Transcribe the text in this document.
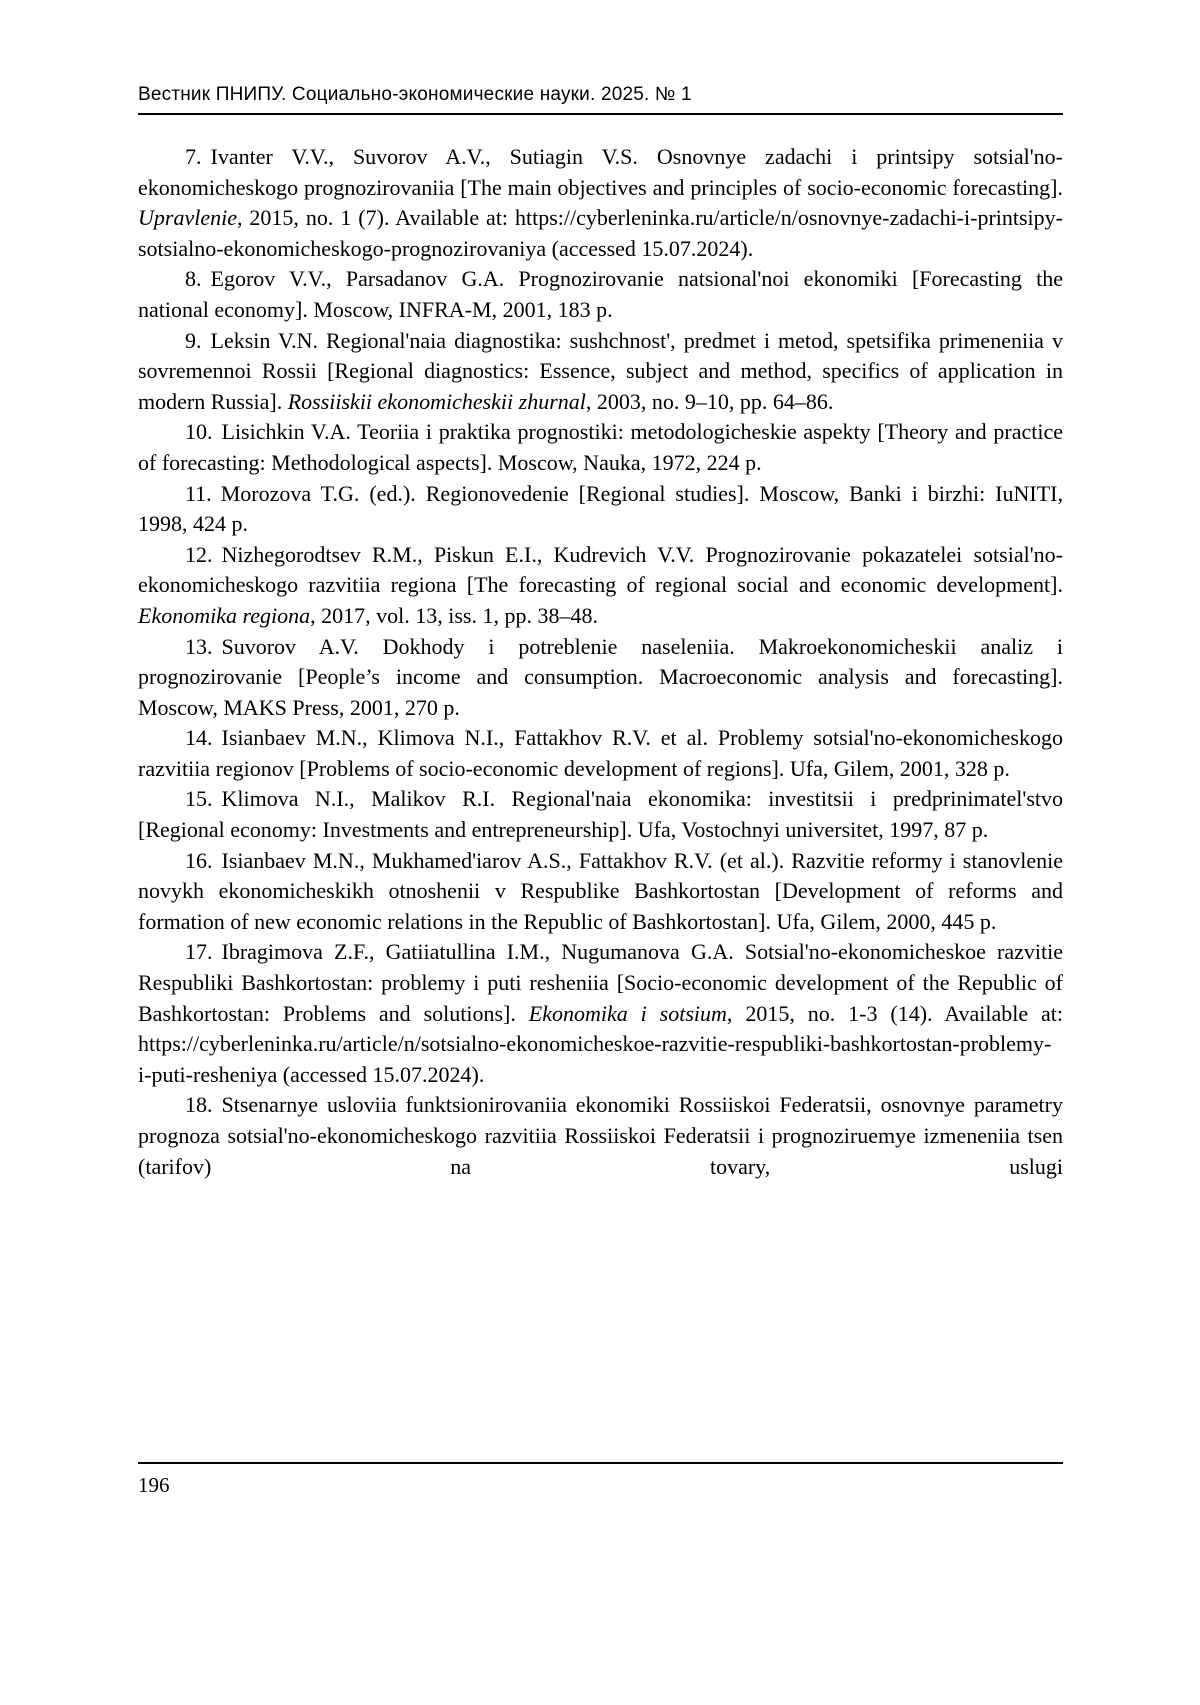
Вестник ПНИПУ. Социально-экономические науки. 2025. № 1

7. Ivanter V.V., Suvorov A.V., Sutiagin V.S. Osnovnye zadachi i printsipy sotsial'no-ekonomicheskogo prognozirovaniia [The main objectives and principles of socio-economic forecasting]. Upravlenie, 2015, no. 1 (7). Available at: https://cyberleninka.ru/article/n/osnovnye-zadachi-i-printsipy-sotsialno-ekonomicheskogo-prognozirovaniya (accessed 15.07.2024).

8. Egorov V.V., Parsadanov G.A. Prognozirovanie natsional'noi ekonomiki [Forecasting the national economy]. Moscow, INFRA-M, 2001, 183 p.

9. Leksin V.N. Regional'naia diagnostika: sushchnost', predmet i metod, spetsifika primeneniia v sovremennoi Rossii [Regional diagnostics: Essence, subject and method, specifics of application in modern Russia]. Rossiiskii ekonomicheskii zhurnal, 2003, no. 9–10, pp. 64–86.

10. Lisichkin V.A. Teoriia i praktika prognostiki: metodologicheskie aspekty [Theory and practice of forecasting: Methodological aspects]. Moscow, Nauka, 1972, 224 p.

11. Morozova T.G. (ed.). Regionovedenie [Regional studies]. Moscow, Banki i birzhi: IuNITI, 1998, 424 p.

12. Nizhegorodtsev R.M., Piskun E.I., Kudrevich V.V. Prognozirovanie pokazatelei sotsial'no-ekonomicheskogo razvitiia regiona [The forecasting of regional social and economic development]. Ekonomika regiona, 2017, vol. 13, iss. 1, pp. 38–48.

13. Suvorov A.V. Dokhody i potreblenie naseleniia. Makroekonomicheskii analiz i prognozirovanie [People’s income and consumption. Macroeconomic analysis and forecasting]. Moscow, MAKS Press, 2001, 270 p.

14. Isianbaev M.N., Klimova N.I., Fattakhov R.V. et al. Problemy sotsial'no-ekonomicheskogo razvitiia regionov [Problems of socio-economic development of regions]. Ufa, Gilem, 2001, 328 p.

15. Klimova N.I., Malikov R.I. Regional'naia ekonomika: investitsii i predprinimatel'stvo [Regional economy: Investments and entrepreneurship]. Ufa, Vostochnyi universitet, 1997, 87 p.

16. Isianbaev M.N., Mukhamed'iarov A.S., Fattakhov R.V. (et al.). Razvitie reformy i stanovlenie novykh ekonomicheskikh otnoshenii v Respublike Bashkortostan [Development of reforms and formation of new economic relations in the Republic of Bashkortostan]. Ufa, Gilem, 2000, 445 p.

17. Ibragimova Z.F., Gatiiatullina I.M., Nugumanova G.A. Sotsial'no-ekonomicheskoe razvitie Respubliki Bashkortostan: problemy i puti resheniia [Socio-economic development of the Republic of Bashkortostan: Problems and solutions]. Ekonomika i sotsium, 2015, no. 1-3 (14). Available at: https://cyberleninka.ru/article/n/sotsialno-ekonomicheskoe-razvitie-respubliki-bashkortostan-problemy-i-puti-resheniya (accessed 15.07.2024).

18. Stsenarnye usloviia funktsionirovaniia ekonomiki Rossiiskoi Federatsii, osnovnye parametry prognoza sotsial'no-ekonomicheskogo razvitiia Rossiiskoi Federatsii i prognoziruemye izmeneniia tsen (tarifov) na tovary, uslugi

196
